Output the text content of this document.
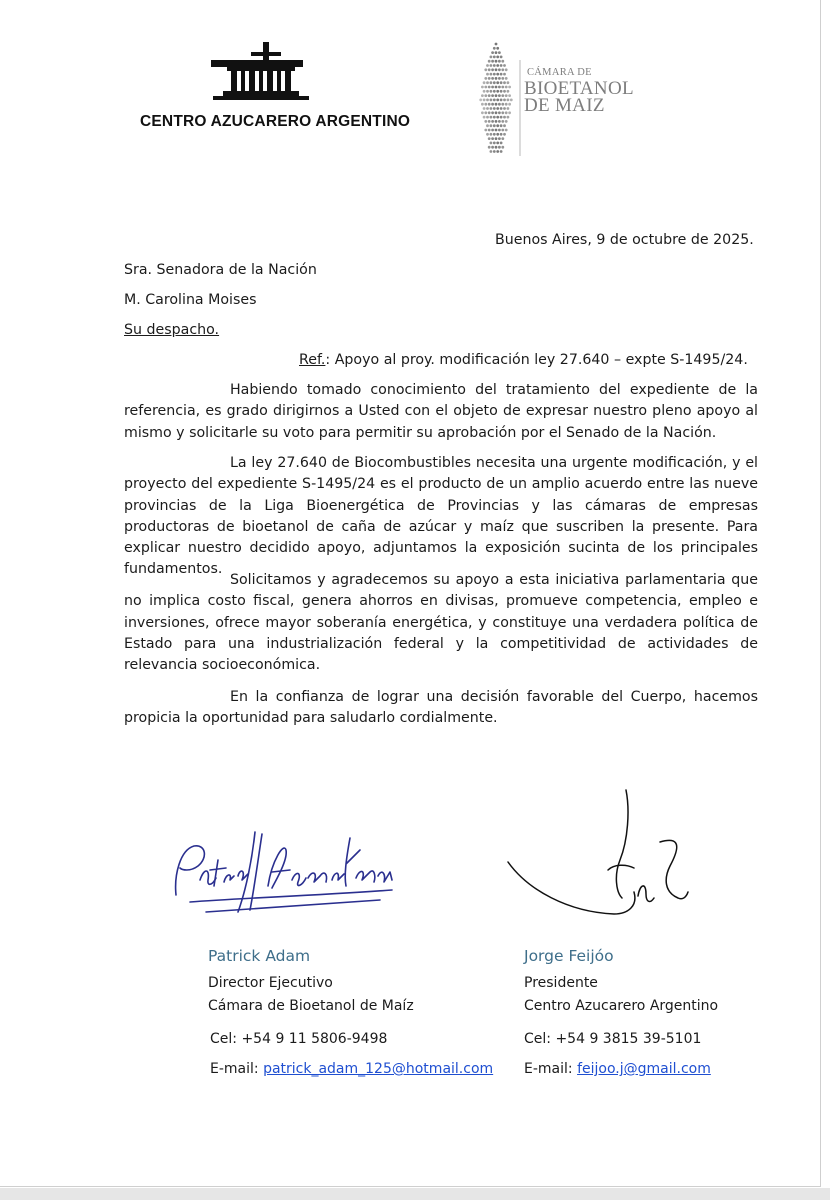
CENTRO AZUCARERO ARGENTINO
CÁMARA DE
BIOETANOL
DE MAIZ
Buenos Aires, 9 de octubre de 2025.
Sra. Senadora de la Nación
M. Carolina Moises
Su despacho.
Ref.: Apoyo al proy. modificación ley 27.640 – expte S-1495/24.

Habiendo tomado conocimiento del tratamiento del expediente de la referencia, es grado dirigirnos a Usted con el objeto de expresar nuestro pleno apoyo al mismo y solicitarle su voto para permitir su aprobación por el Senado de la Nación.

La ley 27.640 de Biocombustibles necesita una urgente modificación, y el proyecto del expediente S-1495/24 es el producto de un amplio acuerdo entre las nueve provincias de la Liga Bioenergética de Provincias y las cámaras de empresas productoras de bioetanol de caña de azúcar y maíz que suscriben la presente. Para explicar nuestro decidido apoyo, adjuntamos la exposición sucinta de los principales fundamentos.

Solicitamos y agradecemos su apoyo a esta iniciativa parlamentaria que no implica costo fiscal, genera ahorros en divisas, promueve competencia, empleo e inversiones, ofrece mayor soberanía energética, y constituye una verdadera política de Estado para una industrialización federal y la competitividad de actividades de relevancia socioeconómica.

En la confianza de lograr una decisión favorable del Cuerpo, hacemos propicia la oportunidad para saludarlo cordialmente.

Patrick Adam	Jorge Feijóo
Director Ejecutivo
Cámara de Bioetanol de Maíz
Presidente
Centro Azucarero Argentino
Cel: +54 9 11 5806-9498	Cel: +54 9 3815 39-5101
E-mail: patrick_adam_125@hotmail.com E-mail: feijoo.j@gmail.com
